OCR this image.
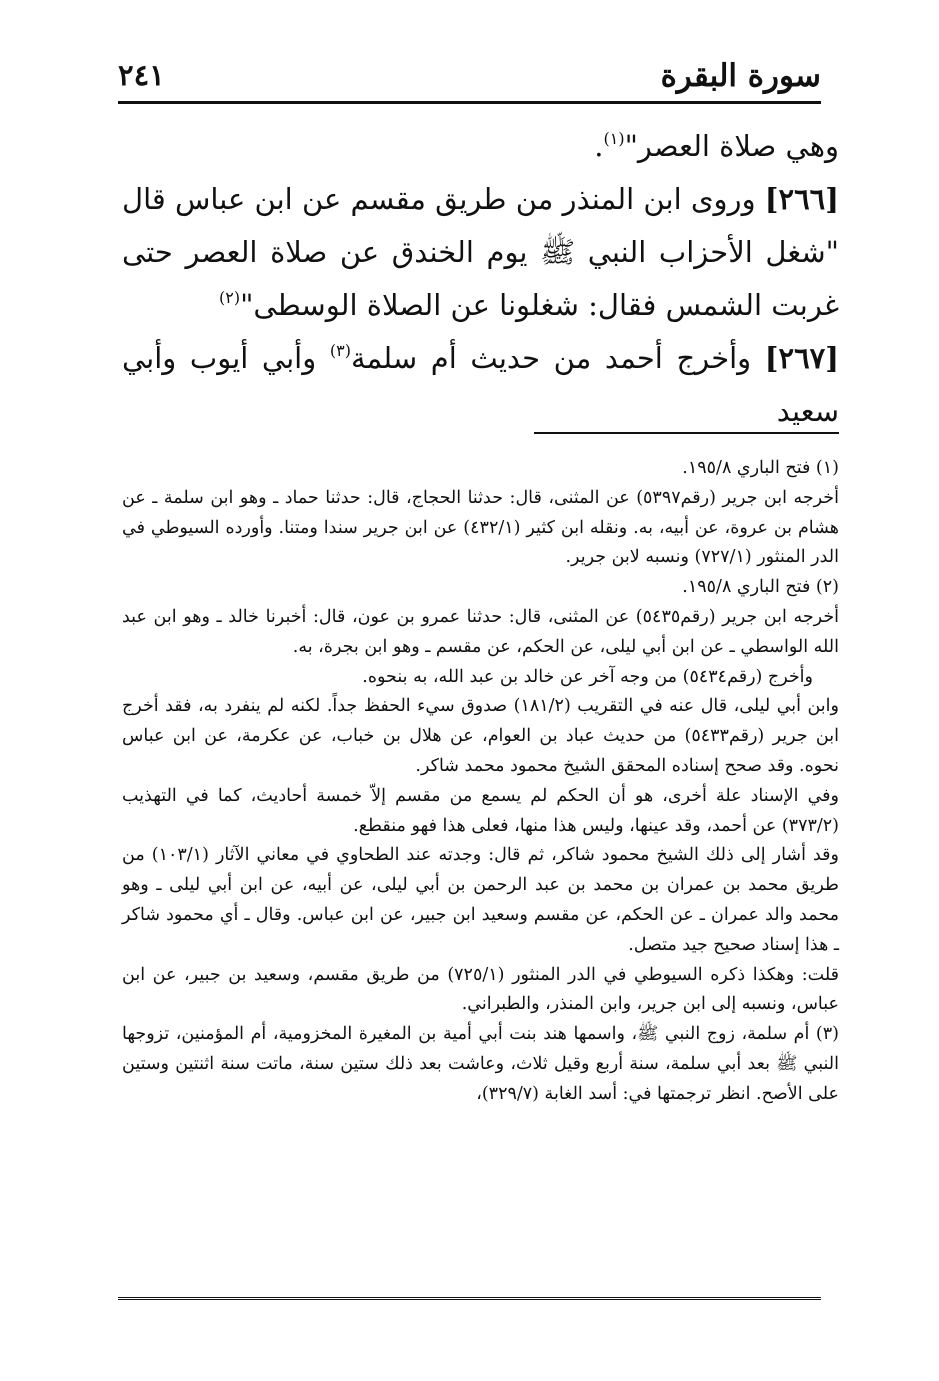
سورة البقرة
٢٤١

وهي صلاة العصر"$^{(١)}$.

[٢٦٦] وروى ابن المنذر من طريق مقسم عن ابن عباس قال "شغل الأحزاب النبي ﷺ يوم الخندق عن صلاة العصر حتى غربت الشمس فقال: شغلونا عن الصلاة الوسطى"$^{(٢)}$

[٢٦٧] وأخرج أحمد من حديث أم سلمة$^{(٣)}$ وأبي أيوب وأبي سعيد

(١) فتح الباري ١٩٥/٨.

أخرجه ابن جرير (رقم٥٣٩٧) عن المثنى، قال: حدثنا الحجاج، قال: حدثنا حماد ـ وهو ابن سلمة ـ عن هشام بن عروة، عن أبيه، به. ونقله ابن كثير (٤٣٢/١) عن ابن جرير سندا ومتنا. وأورده السيوطي في الدر المنثور (٧٢٧/١) ونسبه لابن جرير.

(٢) فتح الباري ١٩٥/٨.

أخرجه ابن جرير (رقم٥٤٣٥) عن المثنى، قال: حدثنا عمرو بن عون، قال: أخبرنا خالد ـ وهو ابن عبد الله الواسطي ـ عن ابن أبي ليلى، عن الحكم، عن مقسم ـ وهو ابن بجرة، به.

وأخرج (رقم٥٤٣٤) من وجه آخر عن خالد بن عبد الله، به بنحوه.

وابن أبي ليلى، قال عنه في التقريب (١٨١/٢) صدوق سيء الحفظ جداً. لكنه لم ينفرد به، فقد أخرج ابن جرير (رقم٥٤٣٣) من حديث عباد بن العوام، عن هلال بن خباب، عن عكرمة، عن ابن عباس نحوه. وقد صحح إسناده المحقق الشيخ محمود محمد شاكر.

وفي الإسناد علة أخرى، هو أن الحكم لم يسمع من مقسم إلاّ خمسة أحاديث، كما في التهذيب (٣٧٣/٢) عن أحمد، وقد عينها، وليس هذا منها، فعلى هذا فهو منقطع.

وقد أشار إلى ذلك الشيخ محمود شاكر، ثم قال: وجدته عند الطحاوي في معاني الآثار (١٠٣/١) من طريق محمد بن عمران بن محمد بن عبد الرحمن بن أبي ليلى، عن أبيه، عن ابن أبي ليلى ـ وهو محمد والد عمران ـ عن الحكم، عن مقسم وسعيد ابن جبير، عن ابن عباس. وقال ـ أي محمود شاكر ـ هذا إسناد صحيح جيد متصل.

قلت: وهكذا ذكره السيوطي في الدر المنثور (٧٢٥/١) من طريق مقسم، وسعيد بن جبير، عن ابن عباس، ونسبه إلى ابن جرير، وابن المنذر، والطبراني.

(٣) أم سلمة، زوج النبي ﷺ، واسمها هند بنت أبي أمية بن المغيرة المخزومية، أم المؤمنين، تزوجها النبي ﷺ بعد أبي سلمة، سنة أربع وقيل ثلاث، وعاشت بعد ذلك ستين سنة، ماتت سنة اثنتين وستين على الأصح. انظر ترجمتها في: أسد الغابة (٣٢٩/٧)،
